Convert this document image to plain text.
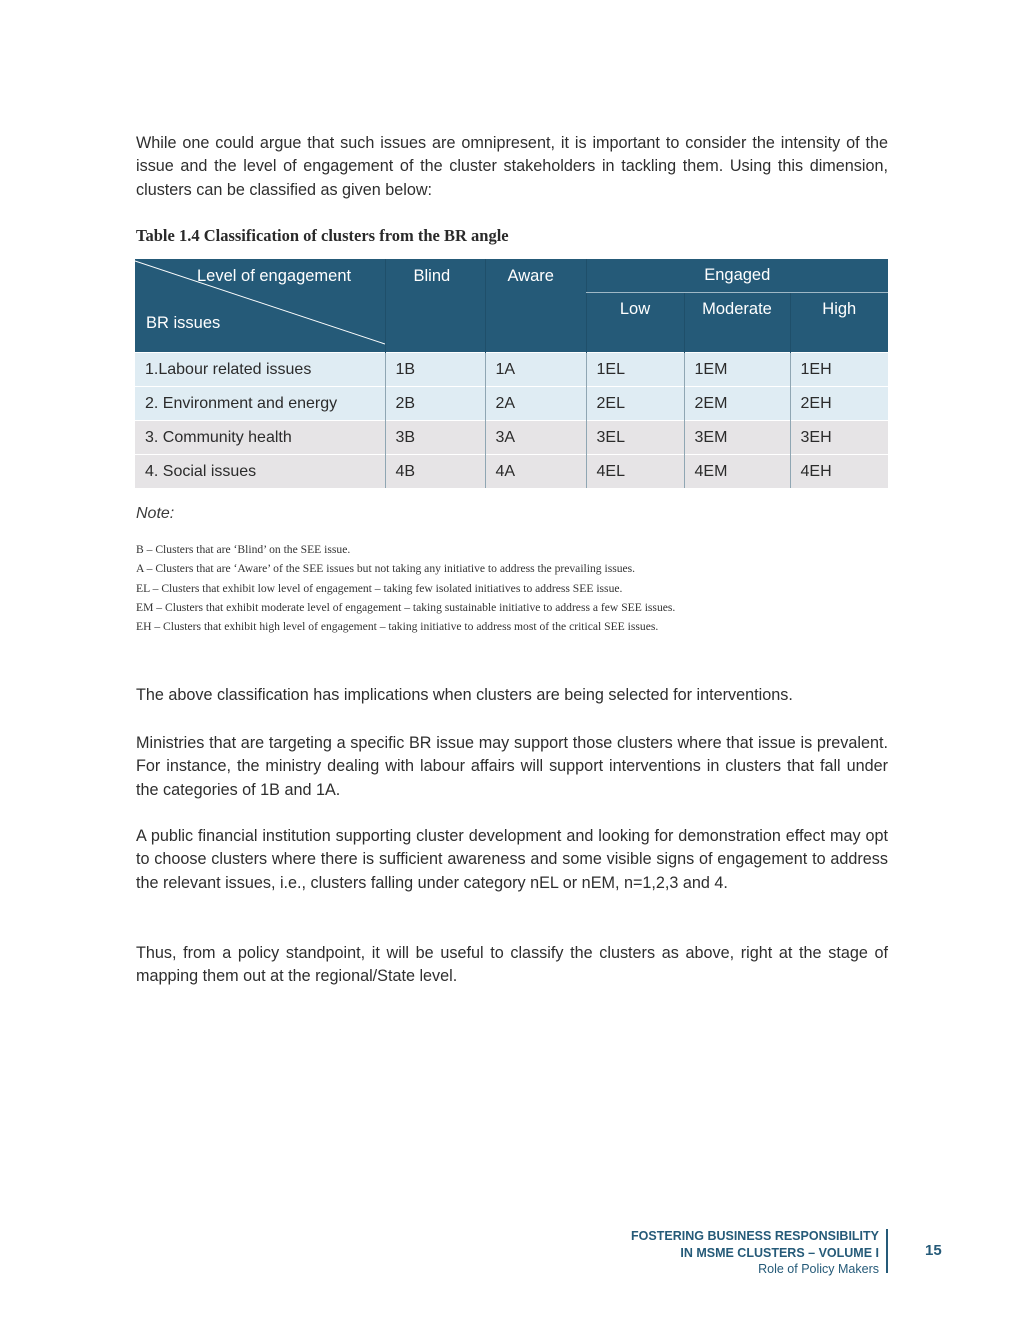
While one could argue that such issues are omnipresent, it is important to consider the intensity of the issue and the level of engagement of the cluster stakeholders in tackling them. Using this dimension, clusters can be classified as given below:

Table 1.4 Classification of clusters from the BR angle

Level of engagement
BR issues	Blind	Aware	Engaged		
			Low	Moderate	High
1.Labour related issues	1B	1A	1EL	1EM	1EH
2. Environment and energy	2B	2A	2EL	2EM	2EH
3. Community health	3B	3A	3EL	3EM	3EH
4. Social issues	4B	4A	4EL	4EM	4EH

Note:

B – Clusters that are ‘Blind’ on the SEE issue.
A – Clusters that are ‘Aware’ of the SEE issues but not taking any initiative to address the prevailing issues.
EL – Clusters that exhibit low level of engagement – taking few isolated initiatives to address SEE issue.
EM – Clusters that exhibit moderate level of engagement – taking sustainable initiative to address a few SEE issues.
EH – Clusters that exhibit high level of engagement – taking initiative to address most of the critical SEE issues.

The above classification has implications when clusters are being selected for interventions.

Ministries that are targeting a specific BR issue may support those clusters where that issue is prevalent. For instance, the ministry dealing with labour affairs will support interventions in clusters that fall under the categories of 1B and 1A.

A public financial institution supporting cluster development and looking for demonstration effect may opt to choose clusters where there is sufficient awareness and some visible signs of engagement to address the relevant issues, i.e., clusters falling under category nEL or nEM, n=1,2,3 and 4.

Thus, from a policy standpoint, it will be useful to classify the clusters as above, right at the stage of mapping them out at the regional/State level.

FOSTERING BUSINESS RESPONSIBILITY
IN MSME CLUSTERS – VOLUME I
Role of Policy Makers
15
